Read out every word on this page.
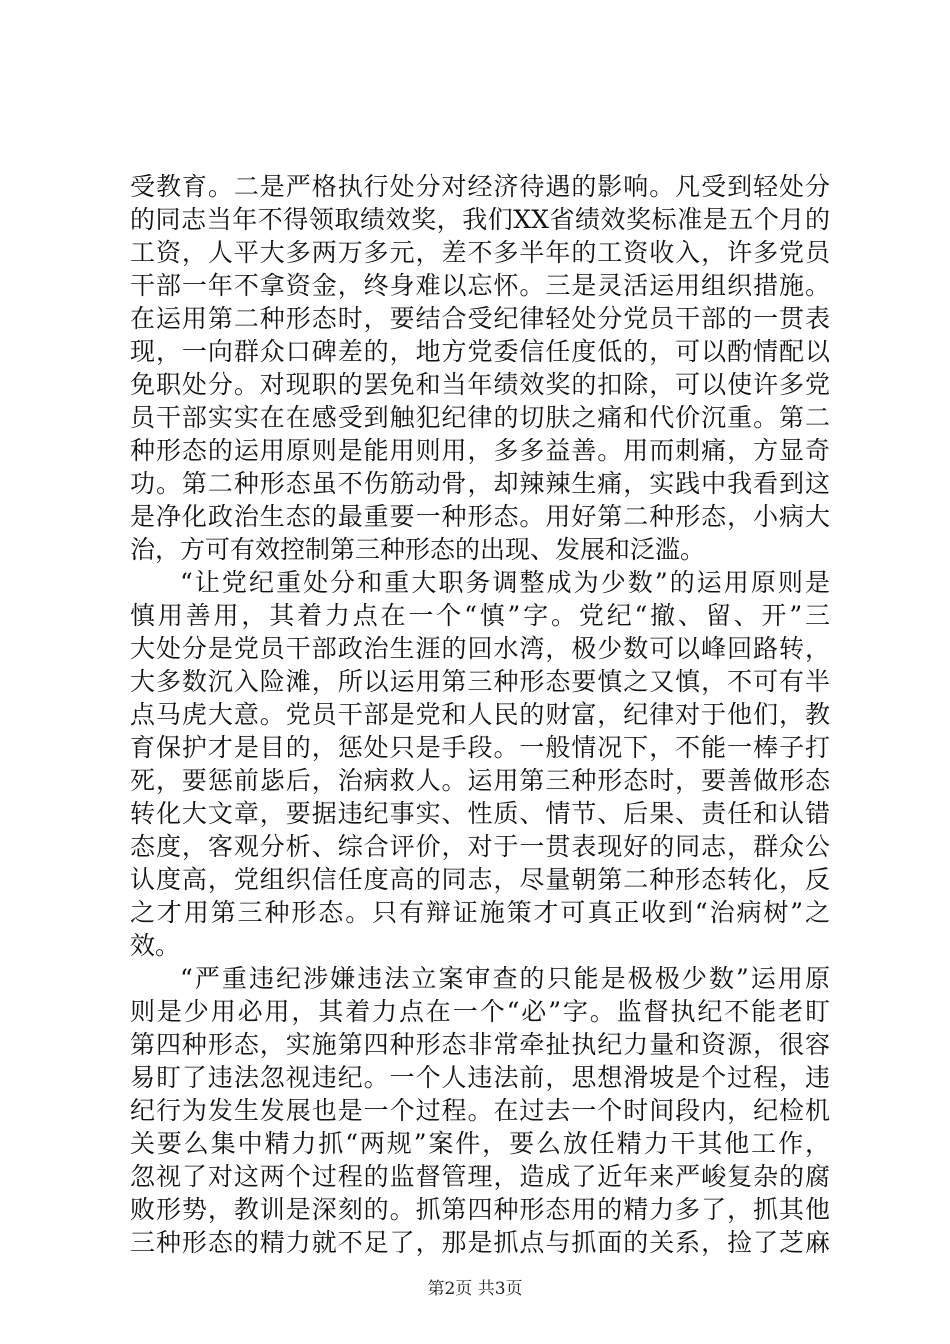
受教育。二是严格执行处分对经济待遇的影响。凡受到轻处分
的同志当年不得领取绩效奖，我们XX省绩效奖标准是五个月的
工资，人平大多两万多元，差不多半年的工资收入，许多党员
干部一年不拿资金，终身难以忘怀。三是灵活运用组织措施。
在运用第二种形态时，要结合受纪律轻处分党员干部的一贯表
现，一向群众口碑差的，地方党委信任度低的，可以酌情配以
免职处分。对现职的罢免和当年绩效奖的扣除，可以使许多党
员干部实实在在感受到触犯纪律的切肤之痛和代价沉重。第二
种形态的运用原则是能用则用，多多益善。用而刺痛，方显奇
功。第二种形态虽不伤筋动骨，却辣辣生痛，实践中我看到这
是净化政治生态的最重要一种形态。用好第二种形态，小病大
治，方可有效控制第三种形态的出现、发展和泛滥。
“让党纪重处分和重大职务调整成为少数”的运用原则是
慎用善用，其着力点在一个“慎”字。党纪“撤、留、开”三
大处分是党员干部政治生涯的回水湾，极少数可以峰回路转，
大多数沉入险滩，所以运用第三种形态要慎之又慎，不可有半
点马虎大意。党员干部是党和人民的财富，纪律对于他们，教
育保护才是目的，惩处只是手段。一般情况下，不能一棒子打
死，要惩前毖后，治病救人。运用第三种形态时，要善做形态
转化大文章，要据违纪事实、性质、情节、后果、责任和认错
态度，客观分析、综合评价，对于一贯表现好的同志，群众公
认度高，党组织信任度高的同志，尽量朝第二种形态转化，反
之才用第三种形态。只有辩证施策才可真正收到“治病树”之
效。
“严重违纪涉嫌违法立案审查的只能是极极少数”运用原
则是少用必用，其着力点在一个“必”字。监督执纪不能老盯
第四种形态，实施第四种形态非常牵扯执纪力量和资源，很容
易盯了违法忽视违纪。一个人违法前，思想滑坡是个过程，违
纪行为发生发展也是一个过程。在过去一个时间段内，纪检机
关要么集中精力抓“两规”案件，要么放任精力干其他工作，
忽视了对这两个过程的监督管理，造成了近年来严峻复杂的腐
败形势，教训是深刻的。抓第四种形态用的精力多了，抓其他
三种形态的精力就不足了，那是抓点与抓面的关系，捡了芝麻
第2页 共3页
